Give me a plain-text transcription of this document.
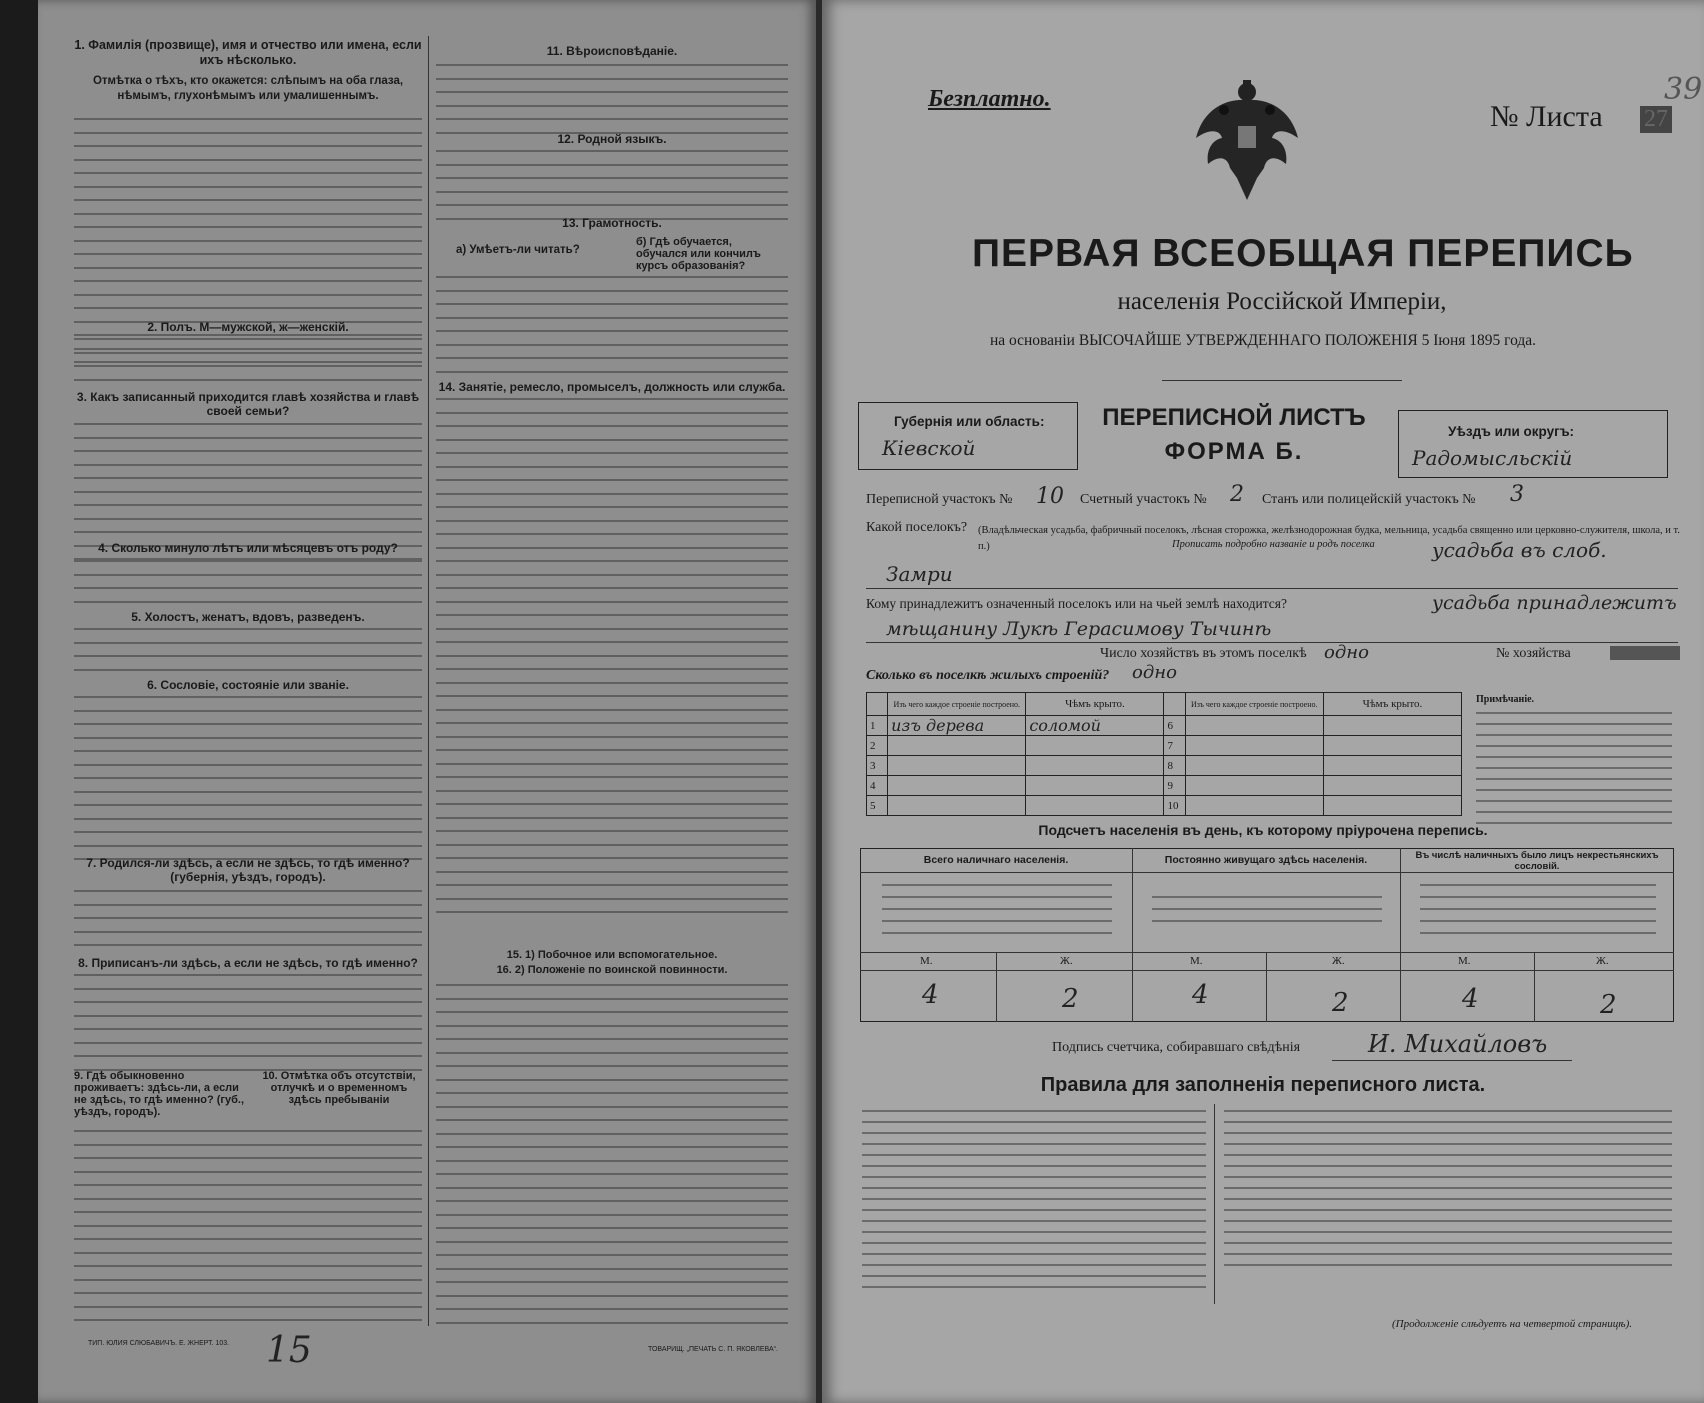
1. Фамилiя (прозвище), имя и отчество или имена, если ихъ нѣсколько.
Отмѣтка о тѣхъ, кто окажется: слѣпымъ на оба глаза, нѣмымъ, глухонѣмымъ или умалишеннымъ.

2. Полъ. М—мужской, ж—женскiй.

3. Какъ записанный приходится главѣ хозяйства и главѣ своей семьи?

4. Сколько минуло лѣтъ или мѣсяцевъ отъ роду?

5. Холостъ, женатъ, вдовъ, разведенъ.

6. Сословiе, состоянiе или званiе.

7. Родился-ли здѣсь, а если не здѣсь, то гдѣ именно? (губернiя, уѣздъ, городъ).

8. Приписанъ-ли здѣсь, а если не здѣсь, то гдѣ именно?

9. Гдѣ обыкновенно проживаетъ: здѣсь-ли, а если не здѣсь, то гдѣ именно? (губ., уѣздъ, городъ).

10. Отмѣтка объ отсутствiи, отлучкѣ и о временномъ здѣсь пребыванiи

11. Вѣроисповѣданiе.

12. Родной языкъ.

13. Грамотность.

а) Умѣетъ-ли читать?
б) Гдѣ обучается, обучался или кончилъ курсъ образованiя?

14. Занятiе, ремесло, промыселъ, должность или служба.

15. 1) Побочное или вспомогательное.

16. 2) Положенiе по воинской повинности.

ТИП. ЮЛИЯ СЛЮБАВИЧЪ. Е. ЖНЕРТ. 103.
ТОВАРИЩ. „ПЕЧАТЬ С. П. ЯКОВЛЕВА“.
15
Безплатно.
№ Листа 27
39
ПЕРВАЯ ВСЕОБЩАЯ ПЕРЕПИСЬ
населенiя Россiйской Имперiи,
на основанiи ВЫСОЧАЙШЕ УТВЕРЖДЕННАГО ПОЛОЖЕНIЯ 5 Iюня 1895 года.
Губернiя или область:
Кiевской
ПЕРЕПИСНОЙ ЛИСТЪ
ФОРМА Б.
Уѣздъ или округъ:
Радомысльскiй
Переписной участокъ № 10 Счетный участокъ № 2 Станъ или полицейскiй участокъ № 3
Какой поселокъ? (Владѣльческая усадьба, фабричный поселокъ, лѣсная сторожка, желѣзнодорожная будка, мельница, усадьба священно или церковно-служителя, школа, и т. п.)	Прописать подробно названiе и родъ поселка	усадьба въ слоб.
Замри
Кому принадлежитъ означенный поселокъ или на чьей землѣ находится?	усадьба принадлежитъ
мѣщанину Лукѣ Герасимову Тычинѣ
Число хозяйствъ въ этомъ поселкѣ одно	№ хозяйства
Сколько въ поселкѣ жилыхъ строенiй? одно
	Изъ чего каждое строенiе построено.	Чѣмъ крыто.		Изъ чего каждое строенiе построено.	Чѣмъ крыто.
1	изъ дерева	соломой	6		
2			7		
3			8		
4			9		
5			10		
Примѣчанiе.
Подсчетъ населенiя въ день, къ которому прiурочена перепись.
Всего наличнаго населенiя.	Постоянно живущаго здѣсь населенiя.	Въ числѣ наличныхъ было лицъ некрестьянскихъ сословiй.
М.	Ж.	М.	Ж.	М.	Ж.
4	2	4	2	4	2
Подпись счетчика, собиравшаго свѣдѣнiя	И. Михайловъ
Правила для заполненiя переписного листа.
(Продолженiе слѣдуетъ на четвертой страницѣ).
